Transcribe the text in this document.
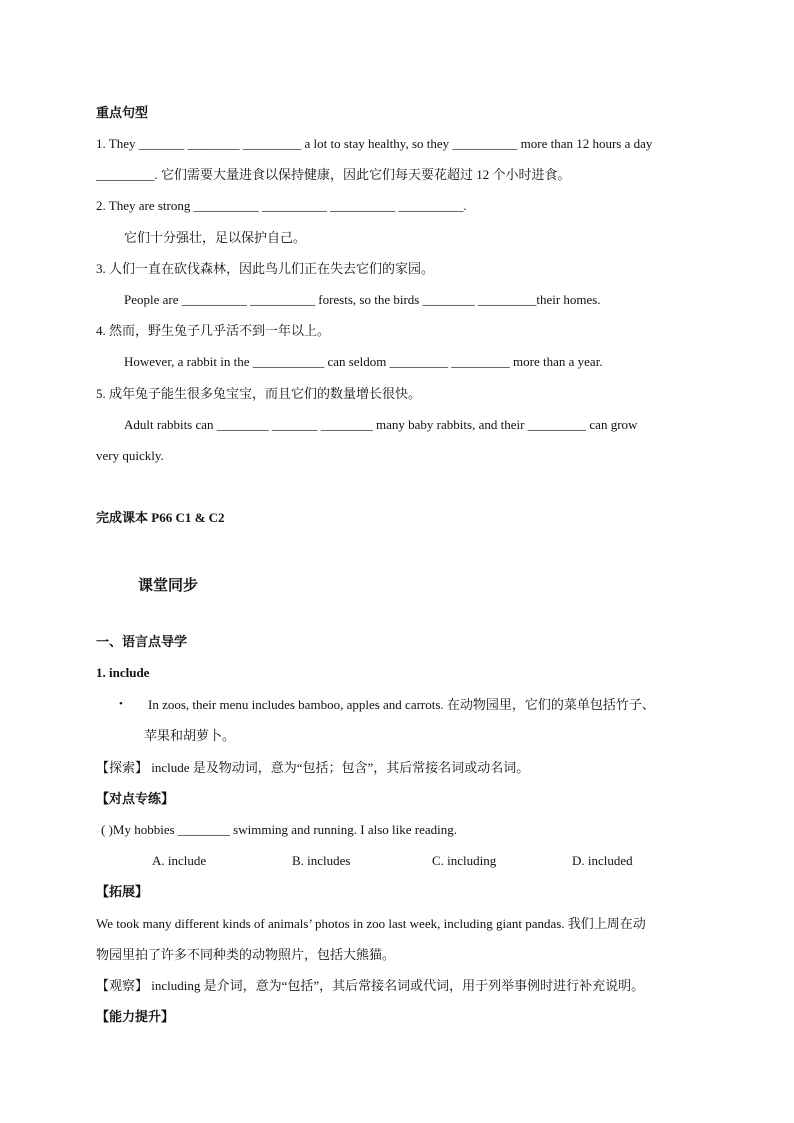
重点句型
1. They _______ ________ _________ a lot to stay healthy, so they __________ more than 12 hours a day
_________. 它们需要大量进食以保持健康，因此它们每天要花超过 12 个小时进食。
2. They are strong __________ __________ __________ __________.
它们十分强壮，足以保护自己。
3. 人们一直在砍伐森林，因此鸟儿们正在失去它们的家园。
People are __________ __________ forests, so the birds ________ _________their homes.
4. 然而，野生兔子几乎活不到一年以上。
However, a rabbit in the ___________ can seldom _________ _________ more than a year.
5. 成年兔子能生很多兔宝宝，而且它们的数量增长很快。
Adult rabbits can ________ _______ ________ many baby rabbits, and their _________ can grow
very quickly.
完成课本 P66 C1 & C2
课堂同步
一、语言点导学
1. include
• In zoos, their menu includes bamboo, apples and carrots. 在动物园里，它们的菜单包括竹子、
苹果和胡萝卜。
【探索】 include 是及物动词，意为“包括；包含”，其后常接名词或动名词。
【对点专练】
( )My hobbies ________ swimming and running. I also like reading.
A. include	B. includes	C. including	D. included
【拓展】
We took many different kinds of animals’ photos in zoo last week, including giant pandas. 我们上周在动
物园里拍了许多不同种类的动物照片，包括大熊猫。
【观察】 including 是介词，意为“包括”，其后常接名词或代词，用于列举事例时进行补充说明。
【能力提升】
